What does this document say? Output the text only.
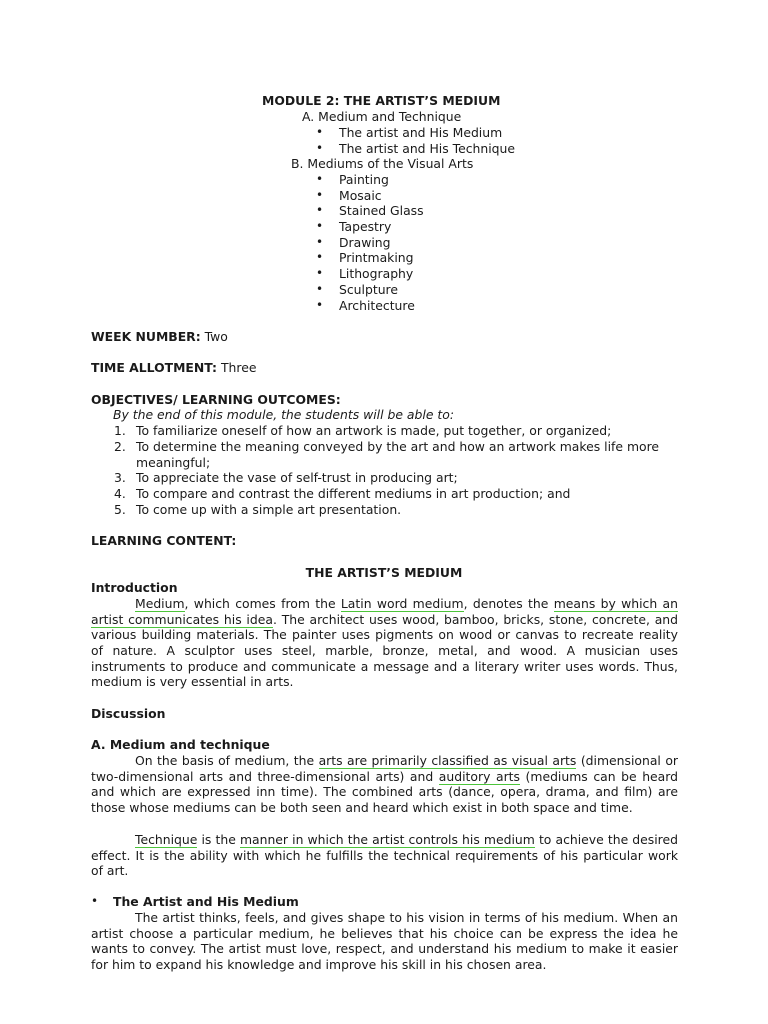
MODULE 2: THE ARTIST’S MEDIUM
A. Medium and Technique
• The artist and His Medium
• The artist and His Technique
B. Mediums of the Visual Arts
• Painting
• Mosaic
• Stained Glass
• Tapestry
• Drawing
• Printmaking
• Lithography
• Sculpture
• Architecture
WEEK NUMBER: Two
TIME ALLOTMENT: Three
OBJECTIVES/ LEARNING OUTCOMES:
By the end of this module, the students will be able to:
1. To familiarize oneself of how an artwork is made, put together, or organized;
2. To determine the meaning conveyed by the art and how an artwork makes life more
meaningful;
3. To appreciate the vase of self-trust in producing art;
4. To compare and contrast the different mediums in art production; and
5. To come up with a simple art presentation.
LEARNING CONTENT:
THE ARTIST’S MEDIUM
Introduction
Medium, which comes from the Latin word medium, denotes the means by which an
artist communicates his idea. The architect uses wood, bamboo, bricks, stone, concrete, and
various building materials. The painter uses pigments on wood or canvas to recreate reality
of nature. A sculptor uses steel, marble, bronze, metal, and wood. A musician uses
instruments to produce and communicate a message and a literary writer uses words. Thus,
medium is very essential in arts.
Discussion
A. Medium and technique
On the basis of medium, the arts are primarily classified as visual arts (dimensional or
two-dimensional arts and three-dimensional arts) and auditory arts (mediums can be heard
and which are expressed inn time). The combined arts (dance, opera, drama, and film) are
those whose mediums can be both seen and heard which exist in both space and time.
Technique is the manner in which the artist controls his medium to achieve the desired
effect. It is the ability with which he fulfills the technical requirements of his particular work
of art.
• The Artist and His Medium
The artist thinks, feels, and gives shape to his vision in terms of his medium. When an
artist choose a particular medium, he believes that his choice can be express the idea he
wants to convey. The artist must love, respect, and understand his medium to make it easier
for him to expand his knowledge and improve his skill in his chosen area.
